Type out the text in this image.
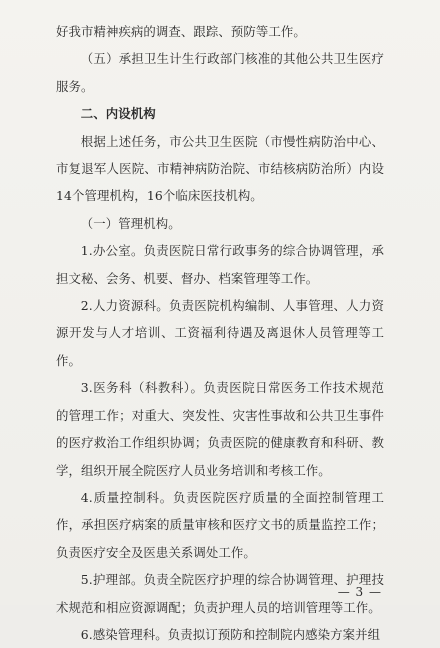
好我市精神疾病的调查、跟踪、预防等工作。

（五）承担卫生计生行政部门核准的其他公共卫生医疗服务。

二、内设机构

根据上述任务，市公共卫生医院（市慢性病防治中心、市复退军人医院、市精神病防治院、市结核病防治所）内设14个管理机构，16个临床医技机构。

（一）管理机构。

1.办公室。负责医院日常行政事务的综合协调管理，承担文秘、会务、机要、督办、档案管理等工作。

2.人力资源科。负责医院机构编制、人事管理、人力资源开发与人才培训、工资福利待遇及离退休人员管理等工作。

3.医务科（科教科）。负责医院日常医务工作技术规范的管理工作；对重大、突发性、灾害性事故和公共卫生事件的医疗救治工作组织协调；负责医院的健康教育和科研、教学，组织开展全院医疗人员业务培训和考核工作。

4.质量控制科。负责医院医疗质量的全面控制管理工作，承担医疗病案的质量审核和医疗文书的质量监控工作；负责医疗安全及医患关系调处工作。

5.护理部。负责全院医疗护理的综合协调管理、护理技术规范和相应资源调配；负责护理人员的培训管理等工作。

6.感染管理科。负责拟订预防和控制院内感染方案并组

— 3 —
